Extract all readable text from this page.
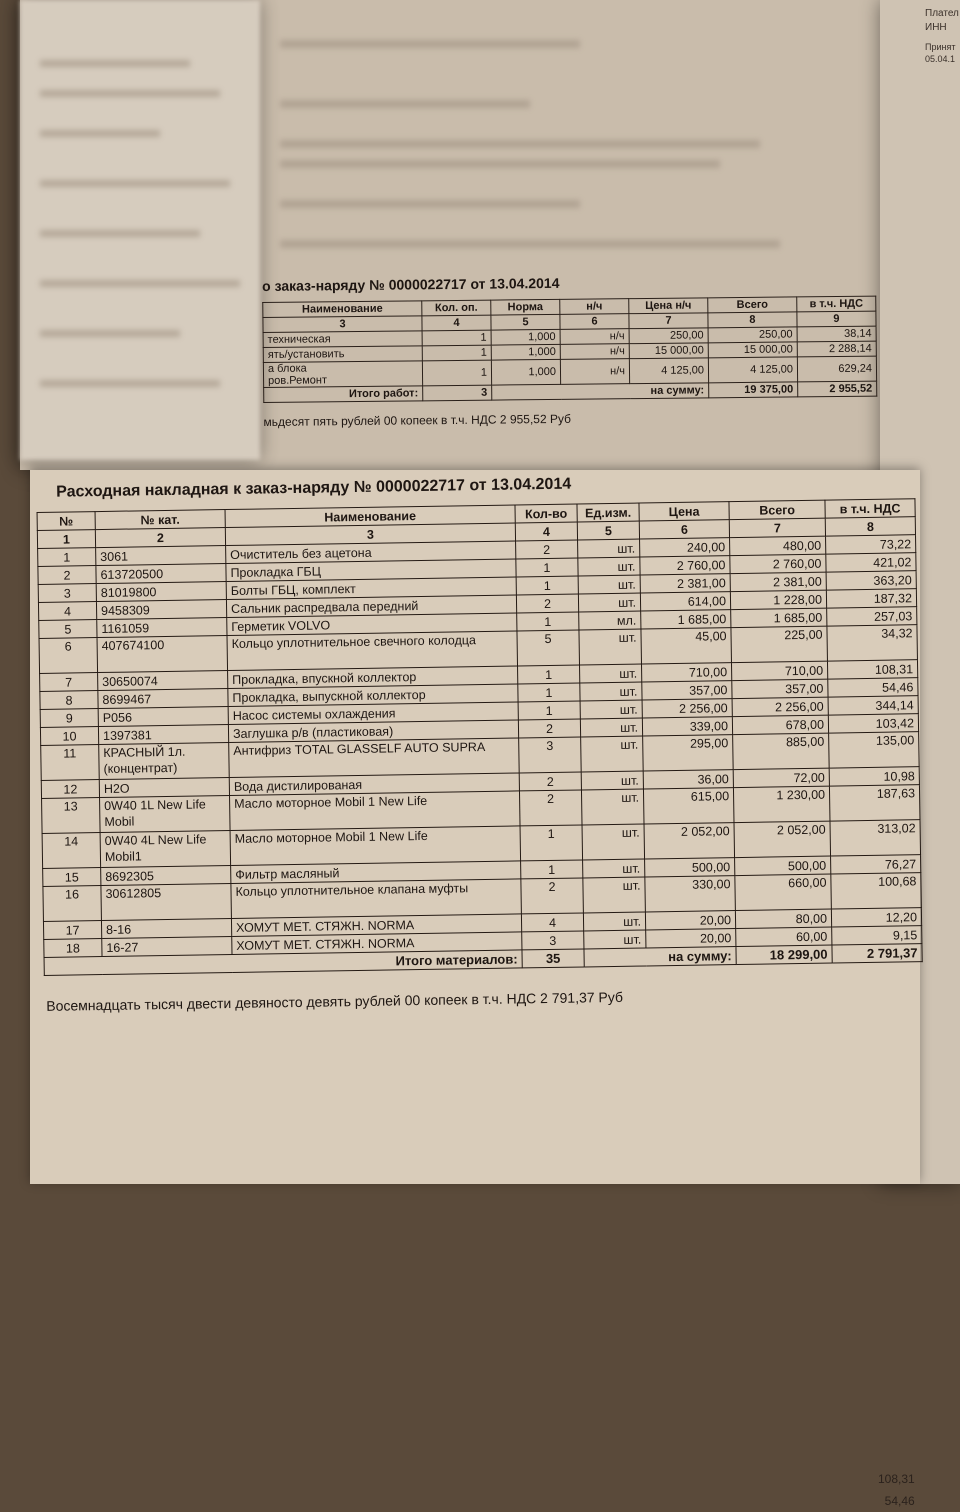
Плател
ИНН
Принят
05.04.1
о заказ-наряду № 0000022717 от 13.04.2014
Наименование	Кол. оп.	Норма	н/ч	Цена н/ч	Всего	в т.ч. НДС
3	4	5	6	7	8	9
техническая	1	1,000	н/ч	250,00	250,00	38,14
ять/установить	1	1,000	н/ч	15 000,00	15 000,00	2 288,14
а блока
ров.Ремонт	1	1,000	н/ч	4 125,00	4 125,00	629,24
Итого работ:	3	на сумму:			19 375,00	2 955,52
мьдесят пять рублей 00 копеек в т.ч. НДС 2 955,52 Руб
Расходная накладная к заказ-наряду № 0000022717 от 13.04.2014
№	№ кат.	Наименование	Кол-во	Ед.изм.	Цена	Всего	в т.ч. НДС
1	2	3	4	5	6	7	8
1	3061	Очиститель без ацетона	2	шт.	240,00	480,00	73,22
2	613720500	Прокладка ГБЦ	1	шт.	2 760,00	2 760,00	421,02
3	81019800	Болты ГБЦ, комплект	1	шт.	2 381,00	2 381,00	363,20
4	9458309	Сальник распредвала передний	2	шт.	614,00	1 228,00	187,32
5	1161059	Герметик VOLVO	1	мл.	1 685,00	1 685,00	257,03
6	407674100	Кольцо уплотнительное свечного колодца	5	шт.	45,00	225,00	34,32
7	30650074	Прокладка, впускной коллектор	1	шт.	710,00	710,00	108,31
8	8699467	Прокладка, выпускной коллектор	1	шт.	357,00	357,00	54,46
9	P056	Насос системы охлаждения	1	шт.	2 256,00	2 256,00	344,14
10	1397381	Заглушка р/в (пластиковая)	2	шт.	339,00	678,00	103,42
11	КРАСНЫЙ 1л. (концентрат)	Антифриз TOTAL GLASSELF AUTO SUPRA	3	шт.	295,00	885,00	135,00
12	H2O	Вода дистилированая	2	шт.	36,00	72,00	10,98
13	0W40 1L New Life Mobil	Масло моторное Mobil 1 New Life	2	шт.	615,00	1 230,00	187,63
14	0W40 4L New Life Mobil1	Масло моторное Mobil 1 New Life	1	шт.	2 052,00	2 052,00	313,02
15	8692305	Фильтр масляный	1	шт.	500,00	500,00	76,27
16	30612805	Кольцо уплотнительное клапана муфты	2	шт.	330,00	660,00	100,68
17	8-16	ХОМУТ МЕТ. СТЯЖН. NORMA	4	шт.	20,00	80,00	12,20
18	16-27	ХОМУТ МЕТ. СТЯЖН. NORMA	3	шт.	20,00	60,00	9,15
Итого материалов:			35	на сумму:		18 299,00	2 791,37
Восемнадцать тысяч двести девяносто девять рублей 00 копеек в т.ч. НДС 2 791,37 Руб
108,31
54,46
